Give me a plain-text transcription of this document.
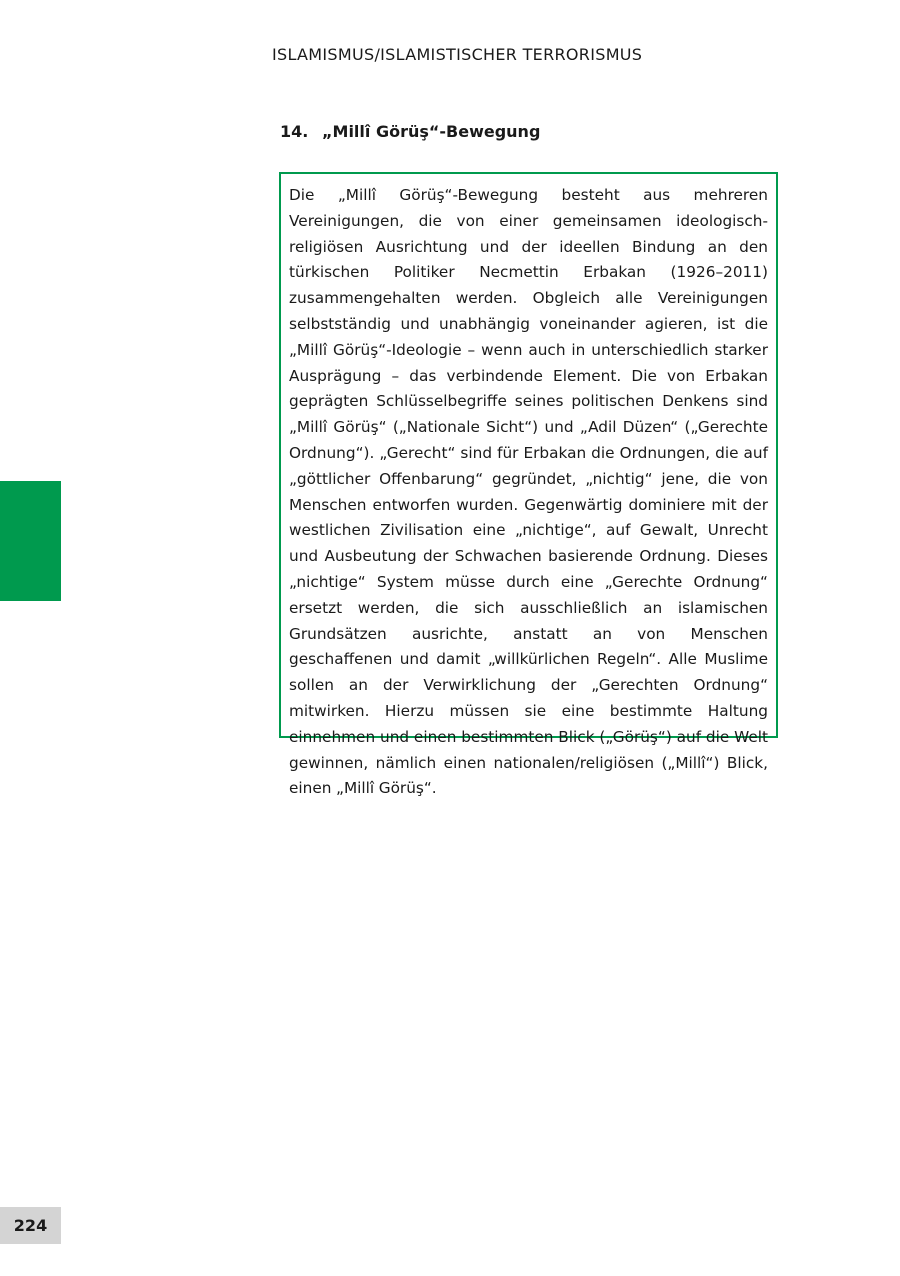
ISLAMISMUS/ISLAMISTISCHER TERRORISMUS
14. „Millî Görüş“-Bewegung

Die „Millî Görüş“-Bewegung besteht aus mehreren Vereinigungen, die von einer gemeinsamen ideologisch-religiösen Ausrichtung und der ideellen Bindung an den türkischen Politiker Necmettin Erbakan (1926–2011) zusammengehalten werden. Obgleich alle Vereinigungen selbstständig und unabhängig voneinander agieren, ist die „Millî Görüş“-Ideologie – wenn auch in unterschiedlich starker Ausprägung – das verbindende Element. Die von Erbakan geprägten Schlüsselbegriffe seines politischen Denkens sind „Millî Görüş“ („Nationale Sicht“) und „Adil Düzen“ („Gerechte Ordnung“). „Gerecht“ sind für Erbakan die Ordnungen, die auf „göttlicher Offenbarung“ gegründet, „nichtig“ jene, die von Menschen entworfen wurden. Gegenwärtig dominiere mit der westlichen Zivilisation eine „nichtige“, auf Gewalt, Unrecht und Ausbeutung der Schwachen basierende Ordnung. Dieses „nichtige“ System müsse durch eine „Gerechte Ordnung“ ersetzt werden, die sich ausschließlich an islamischen Grundsätzen ausrichte, anstatt an von Menschen geschaffenen und damit „willkürlichen Regeln“. Alle Muslime sollen an der Verwirklichung der „Gerechten Ordnung“ mitwirken. Hierzu müssen sie eine bestimmte Haltung einnehmen und einen bestimmten Blick („Görüş“) auf die Welt gewinnen, nämlich einen nationalen/religiösen („Millî“) Blick, einen „Millî Görüş“.

224
